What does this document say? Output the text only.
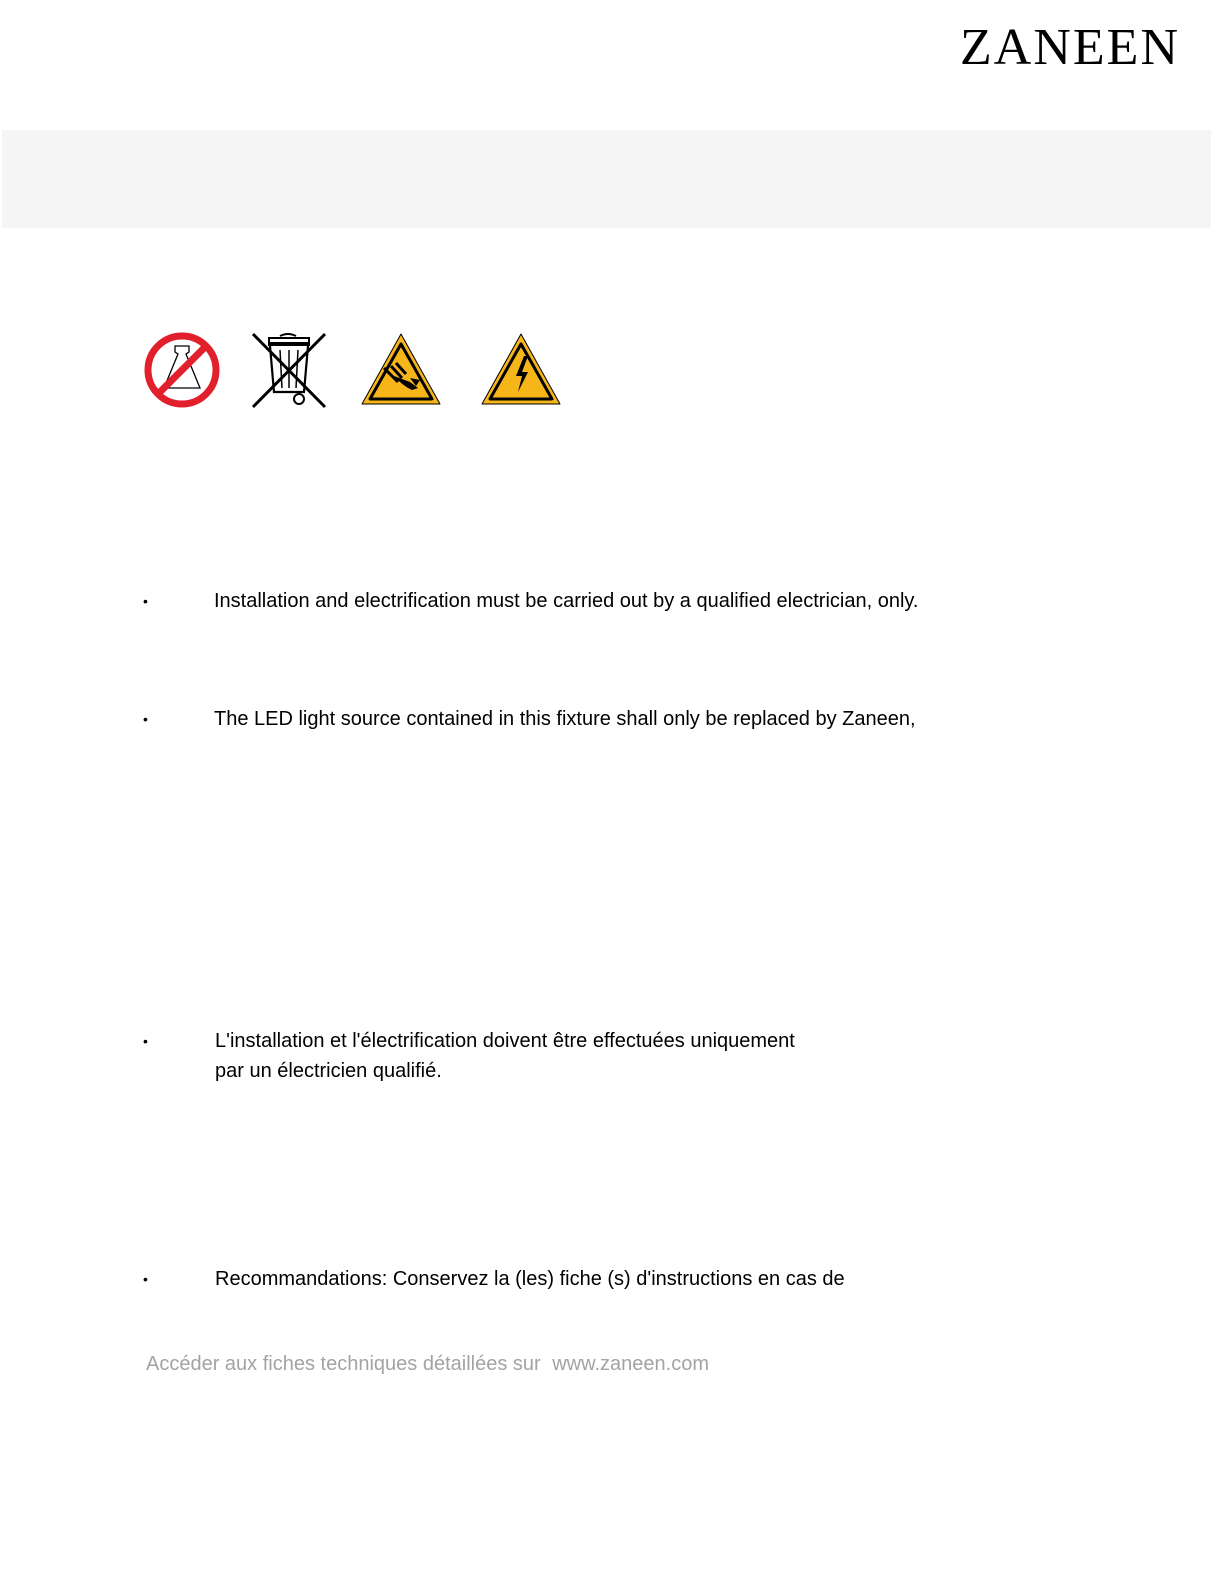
ZANEEN
•	Installation and electrification must be carried out by a qualified electrician, only.
•	The LED light source contained in this fixture shall only be replaced by Zaneen,
•	L'installation et l'électrification doivent être effectuées uniquement
par un électricien qualifié.
•	Recommandations: Conservez la (les) fiche (s) d'instructions en cas de
Accéder aux fiches techniques détaillées sur www.zaneen.com
